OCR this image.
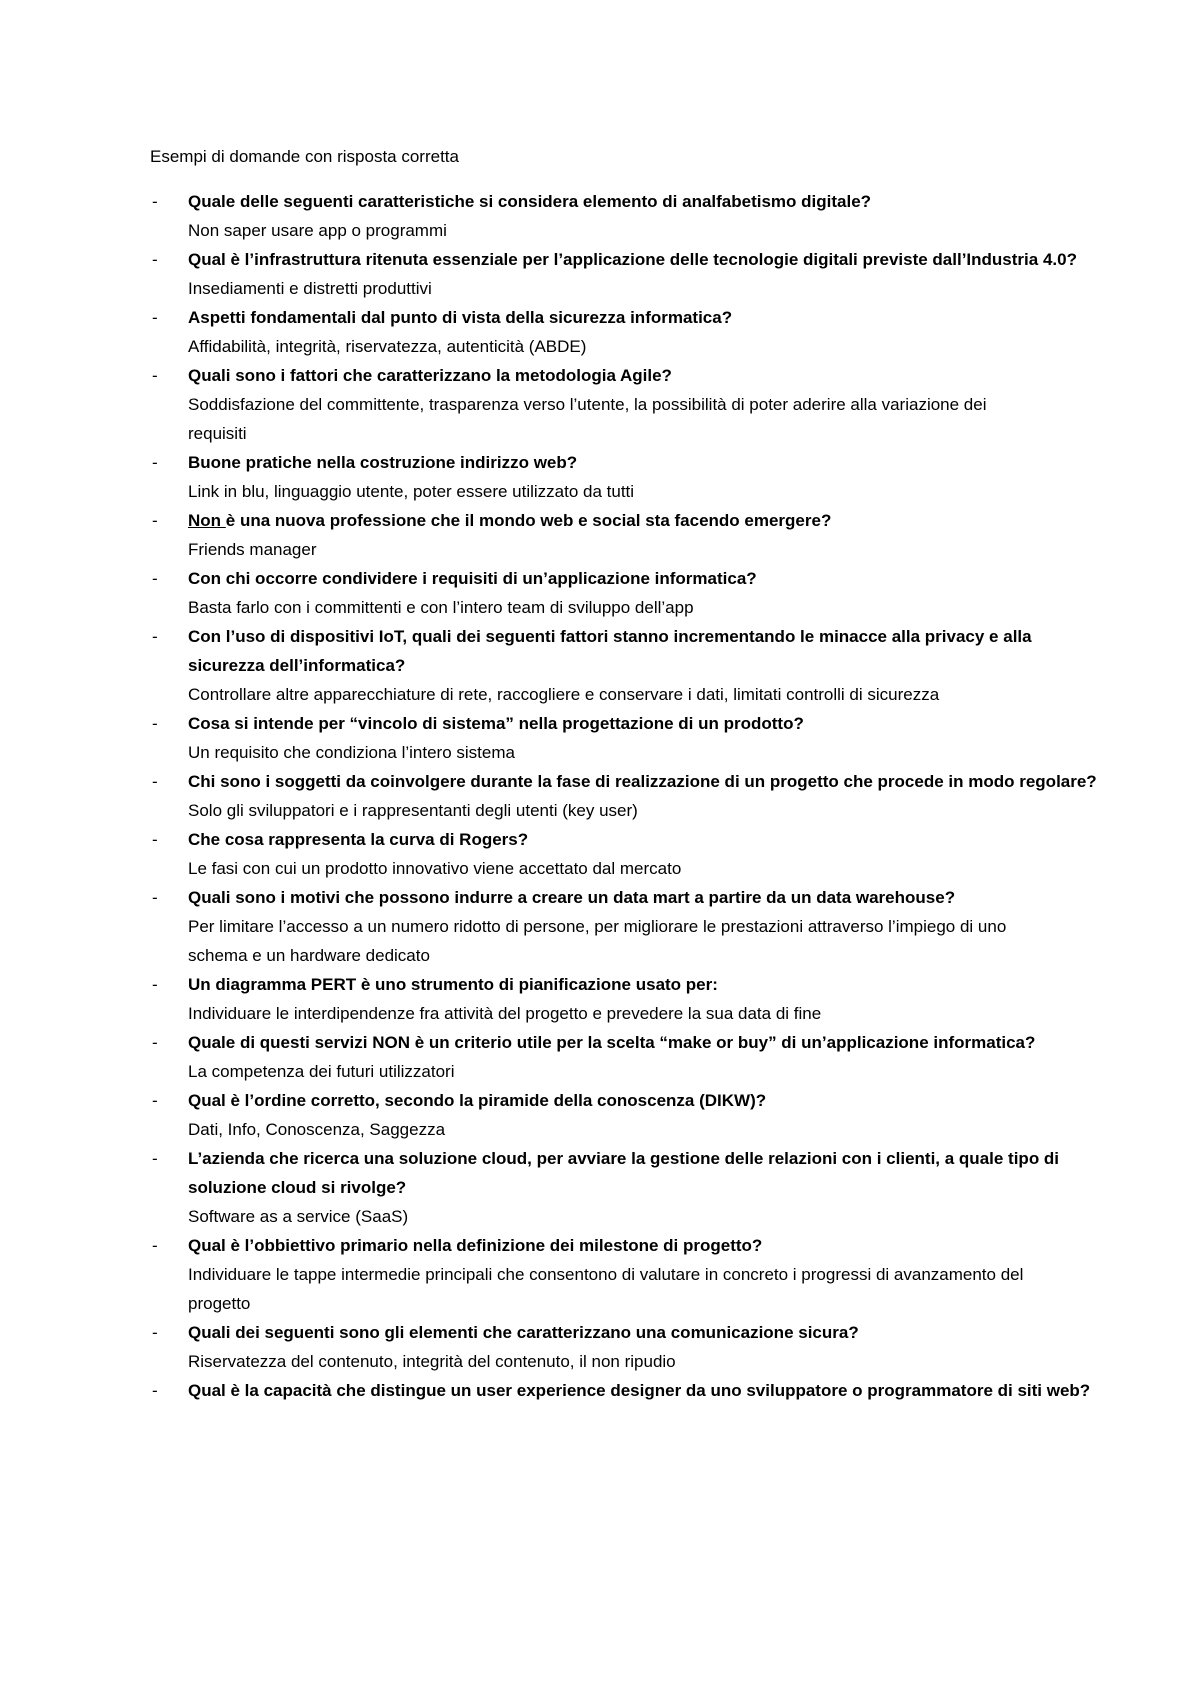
Esempi di domande con risposta corretta
- Quale delle seguenti caratteristiche si considera elemento di analfabetismo digitale?
Non saper usare app o programmi
- Qual è l’infrastruttura ritenuta essenziale per l’applicazione delle tecnologie digitali previste dall’Industria 4.0?
Insediamenti e distretti produttivi
- Aspetti fondamentali dal punto di vista della sicurezza informatica?
Affidabilità, integrità, riservatezza, autenticità (ABDE)
- Quali sono i fattori che caratterizzano la metodologia Agile?
Soddisfazione del committente, trasparenza verso l’utente, la possibilità di poter aderire alla variazione dei requisiti
- Buone pratiche nella costruzione indirizzo web?
Link in blu, linguaggio utente, poter essere utilizzato da tutti
- Non è una nuova professione che il mondo web e social sta facendo emergere?
Friends manager
- Con chi occorre condividere i requisiti di un’applicazione informatica?
Basta farlo con i committenti e con l’intero team di sviluppo dell’app
- Con l’uso di dispositivi IoT, quali dei seguenti fattori stanno incrementando le minacce alla privacy e alla sicurezza dell’informatica?
Controllare altre apparecchiature di rete, raccogliere e conservare i dati, limitati controlli di sicurezza
- Cosa si intende per “vincolo di sistema” nella progettazione di un prodotto?
Un requisito che condiziona l’intero sistema
- Chi sono i soggetti da coinvolgere durante la fase di realizzazione di un progetto che procede in modo regolare?
Solo gli sviluppatori e i rappresentanti degli utenti (key user)
- Che cosa rappresenta la curva di Rogers?
Le fasi con cui un prodotto innovativo viene accettato dal mercato
- Quali sono i motivi che possono indurre a creare un data mart a partire da un data warehouse?
Per limitare l’accesso a un numero ridotto di persone, per migliorare le prestazioni attraverso l’impiego di uno schema e un hardware dedicato
- Un diagramma PERT è uno strumento di pianificazione usato per:
Individuare le interdipendenze fra attività del progetto e prevedere la sua data di fine
- Quale di questi servizi NON è un criterio utile per la scelta “make or buy” di un’applicazione informatica?
La competenza dei futuri utilizzatori
- Qual è l’ordine corretto, secondo la piramide della conoscenza (DIKW)?
Dati, Info, Conoscenza, Saggezza
- L’azienda che ricerca una soluzione cloud, per avviare la gestione delle relazioni con i clienti, a quale tipo di soluzione cloud si rivolge?
Software as a service (SaaS)
- Qual è l’obbiettivo primario nella definizione dei milestone di progetto?
Individuare le tappe intermedie principali che consentono di valutare in concreto i progressi di avanzamento del progetto
- Quali dei seguenti sono gli elementi che caratterizzano una comunicazione sicura?
Riservatezza del contenuto, integrità del contenuto, il non ripudio
- Qual è la capacità che distingue un user experience designer da uno sviluppatore o programmatore di siti web?
